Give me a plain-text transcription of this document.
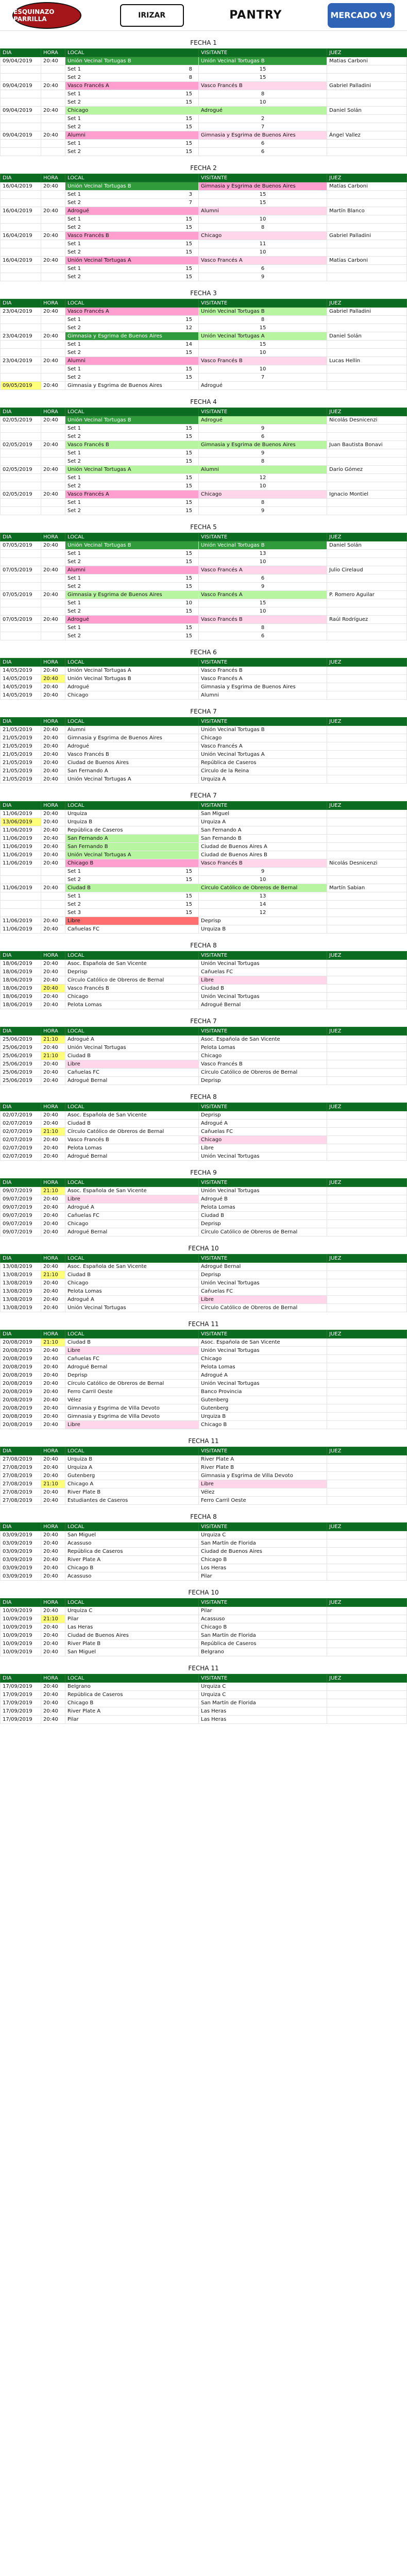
ESQUINAZO PARRILLA	IRIZAR	PANTRY	MERCADO V9
FECHA 1
DIA	HORA	LOCAL	VISITANTE	JUEZ
09/04/2019	20:40	Unión Vecinal Tortugas B	Unión Vecinal Tortugas B	Matias Carboni
		Set 1 8	15	
		Set 2 8	15	
09/04/2019	20:40	Vasco Francés A	Vasco Francés B	Gabriel Palladini
		Set 1 15	8	
		Set 2 15	10	
09/04/2019	20:40	Chicago	Adrogué	Daniel Solán
		Set 1 15	2	
		Set 2 15	7	
09/04/2019	20:40	Alumni	Gimnasia y Esgrima de Buenos Aires	Ángel Vallez
		Set 1 15	6	
		Set 2 15	6	
FECHA 2
DIA	HORA	LOCAL	VISITANTE	JUEZ
16/04/2019	20:40	Unión Vecinal Tortugas B	Gimnasia y Esgrima de Buenos Aires	Matías Carboni
		Set 1 3	15	
		Set 2 7	15	
16/04/2019	20:40	Adrogué	Alumni	Martín Blanco
		Set 1 15	10	
		Set 2 15	8	
16/04/2019	20:40	Vasco Francés B	Chicago	Gabriel Palladini
		Set 1 15	11	
		Set 2 15	10	
16/04/2019	20:40	Unión Vecinal Tortugas A	Vasco Francés A	Matías Carboni
		Set 1 15	6	
		Set 2 15	9	
FECHA 3
DIA	HORA	LOCAL	VISITANTE	JUEZ
23/04/2019	20:40	Vasco Francés A	Unión Vecinal Tortugas B	Gabriel Palladini
		Set 1 15	8	
		Set 2 12	15	
23/04/2019	20:40	Gimnasia y Esgrima de Buenos Aires	Unión Vecinal Tortugas A	Daniel Solán
		Set 1 14	15	
		Set 2 15	10	
23/04/2019	20:40	Alumni	Vasco Francés B	Lucas Hellin
		Set 1 15	10	
		Set 2 15	7	
09/05/2019	20:40	Gimnasia y Esgrima de Buenos Aires	Adrogué	
FECHA 4
DIA	HORA	LOCAL	VISITANTE	JUEZ
02/05/2019	20:40	Unión Vecinal Tortugas B	Adrogué	Nicolás Desnicenzi
		Set 1 15	9	
		Set 2 15	6	
02/05/2019	20:40	Vasco Francés B	Gimnasia y Esgrima de Buenos Aires	Juan Bautista Bonavi
		Set 1 15	9	
		Set 2 15	8	
02/05/2019	20:40	Unión Vecinal Tortugas A	Alumni	Darío Gómez
		Set 1 15	12	
		Set 2 15	10	
02/05/2019	20:40	Vasco Francés A	Chicago	Ignacio Montiel
		Set 1 15	8	
		Set 2 15	9	
FECHA 5
DIA	HORA	LOCAL	VISITANTE	JUEZ
07/05/2019	20:40	Unión Vecinal Tortugas B	Unión Vecinal Tortugas B	Daniel Solán
		Set 1 15	13	
		Set 2 15	10	
07/05/2019	20:40	Alumni	Vasco Francés A	Julio Cirelaud
		Set 1 15	6	
		Set 2 15	9	
07/05/2019	20:40	Gimnasia y Esgrima de Buenos Aires	Vasco Francés A	P. Romero Aguilar
		Set 1 10	15	
		Set 2 15	10	
07/05/2019	20:40	Adrogué	Vasco Francés B	Raúl Rodríguez
		Set 1 15	8	
		Set 2 15	6	
FECHA 6
DIA	HORA	LOCAL	VISITANTE	JUEZ
14/05/2019	20:40	Unión Vecinal Tortugas A	Vasco Francés B	
14/05/2019	20:40	Unión Vecinal Tortugas B	Vasco Francés A	
14/05/2019	20:40	Adrogué	Gimnasia y Esgrima de Buenos Aires	
14/05/2019	20:40	Chicago	Alumni	
FECHA 7
DIA	HORA	LOCAL	VISITANTE	JUEZ
21/05/2019	20:40	Alumni	Unión Vecinal Tortugas B	
21/05/2019	20:40	Gimnasia y Esgrima de Buenos Aires	Chicago	
21/05/2019	20:40	Adrogué	Vasco Francés A	
21/05/2019	20:40	Vasco Francés B	Unión Vecinal Tortugas A	
21/05/2019	20:40	Ciudad de Buenos Aires	República de Caseros	
21/05/2019	20:40	San Fernando A	Circulo de la Reina	
21/05/2019	20:40	Unión Vecinal Tortugas A	Urquiza A	
FECHA 7
DIA	HORA	LOCAL	VISITANTE	JUEZ
11/06/2019	20:40	Urquiza	San Miguel	
13/06/2019	20:40	Urquiza B	Urquiza A	
11/06/2019	20:40	República de Caseros	San Fernando A	
11/06/2019	20:40	San Fernando A	San Fernando B	
11/06/2019	20:40	San Fernando B	Ciudad de Buenos Aires A	
11/06/2019	20:40	Unión Vecinal Tortugas A	Ciudad de Buenos Aires B	
11/06/2019	20:40	Chicago B	Vasco Francés B	Nicolás Desnicenzi
		Set 1 15	9	
		Set 2 15	10	
11/06/2019	20:40	Ciudad B	Circulo Católico de Obreros de Bernal	Martín Sabian
		Set 1 15	13	
		Set 2 15	14	
		Set 3 15	12	
11/06/2019	20:40	Libre	Deprisp	
11/06/2019	20:40	Cañuelas FC	Urquiza B	
FECHA 8
DIA	HORA	LOCAL	VISITANTE	JUEZ
18/06/2019	20:40	Asoc. Española de San Vicente	Unión Vecinal Tortugas	
18/06/2019	20:40	Deprisp	Cañuelas FC	
18/06/2019	20:40	Círculo Católico de Obreros de Bernal	Libre	
18/06/2019	20:40	Vasco Francés B	Ciudad B	
18/06/2019	20:40	Chicago	Unión Vecinal Tortugas	
18/06/2019	20:40	Pelota Lomas	Adrogué Bernal	
FECHA 7
DIA	HORA	LOCAL	VISITANTE	JUEZ
25/06/2019	21:10	Adrogué A	Asoc. Española de San Vicente	
25/06/2019	20:40	Unión Vecinal Tortugas	Pelota Lomas	
25/06/2019	21:10	Ciudad B	Chicago	
25/06/2019	20:40	Libre	Vasco Francés B	
25/06/2019	20:40	Cañuelas FC	Círculo Católico de Obreros de Bernal	
25/06/2019	20:40	Adrogué Bernal	Deprisp	
FECHA 8
DIA	HORA	LOCAL	VISITANTE	JUEZ
02/07/2019	20:40	Asoc. Española de San Vicente	Deprisp	
02/07/2019	20:40	Ciudad B	Adrogué A	
02/07/2019	21:10	Círculo Católico de Obreros de Bernal	Cañuelas FC	
02/07/2019	20:40	Vasco Francés B	Chicago	
02/07/2019	20:40	Pelota Lomas	Libre	
02/07/2019	20:40	Adrogué Bernal	Unión Vecinal Tortugas	
FECHA 9
DIA	HORA	LOCAL	VISITANTE	JUEZ
09/07/2019	21:10	Asoc. Española de San Vicente	Unión Vecinal Tortugas	
09/07/2019	20:40	Libre	Adrogué B	
09/07/2019	20:40	Adrogué A	Pelota Lomas	
09/07/2019	20:40	Cañuelas FC	Ciudad B	
09/07/2019	20:40	Chicago	Deprisp	
09/07/2019	20:40	Adrogué Bernal	Círculo Católico de Obreros de Bernal	
FECHA 10
DIA	HORA	LOCAL	VISITANTE	JUEZ
13/08/2019	20:40	Asoc. Española de San Vicente	Adrogué Bernal	
13/08/2019	21:10	Ciudad B	Deprisp	
13/08/2019	20:40	Chicago	Unión Vecinal Tortugas	
13/08/2019	20:40	Pelota Lomas	Cañuelas FC	
13/08/2019	20:40	Adrogué A	Libre	
13/08/2019	20:40	Unión Vecinal Tortugas	Círculo Católico de Obreros de Bernal	
FECHA 11
DIA	HORA	LOCAL	VISITANTE	JUEZ
20/08/2019	21:10	Ciudad B	Asoc. Española de San Vicente	
20/08/2019	20:40	Libre	Unión Vecinal Tortugas	
20/08/2019	20:40	Cañuelas FC	Chicago	
20/08/2019	20:40	Adrogué Bernal	Pelota Lomas	
20/08/2019	20:40	Deprisp	Adrogué A	
20/08/2019	20:40	Círculo Católico de Obreros de Bernal	Unión Vecinal Tortugas	
20/08/2019	20:40	Ferro Carril Oeste	Banco Provincia	
20/08/2019	20:40	Vélez	Gutenberg	
20/08/2019	20:40	Gimnasia y Esgrima de Villa Devoto	Gutenberg	
20/08/2019	20:40	Gimnasia y Esgrima de Villa Devoto	Urquiza B	
20/08/2019	20:40	Libre	Chicago B	
FECHA 11
DIA	HORA	LOCAL	VISITANTE	JUEZ
27/08/2019	20:40	Urquiza B	River Plate A	
27/08/2019	20:40	Urquiza A	River Plate B	
27/08/2019	20:40	Gutenberg	Gimnasia y Esgrima de Villa Devoto	
27/08/2019	21:10	Chicago A	Libre	
27/08/2019	20:40	River Plate B	Vélez	
27/08/2019	20:40	Estudiantes de Caseros	Ferro Carril Oeste	
FECHA 8
DIA	HORA	LOCAL	VISITANTE	JUEZ
03/09/2019	20:40	San Miguel	Urquiza C	
03/09/2019	20:40	Acassuso	San Martín de Florida	
03/09/2019	20:40	República de Caseros	Ciudad de Buenos Aires	
03/09/2019	20:40	River Plate A	Chicago B	
03/09/2019	20:40	Chicago B	Los Heras	
03/09/2019	20:40	Acassuso	Pilar	
FECHA 10
DIA	HORA	LOCAL	VISITANTE	JUEZ
10/09/2019	20:40	Urquiza C	Pilar	
10/09/2019	21:10	Pilar	Acassuso	
10/09/2019	20:40	Las Heras	Chicago B	
10/09/2019	20:40	Ciudad de Buenos Aires	San Martín de Florida	
10/09/2019	20:40	River Plate B	República de Caseros	
10/09/2019	20:40	San Miguel	Belgrano	
FECHA 11
DIA	HORA	LOCAL	VISITANTE	JUEZ
17/09/2019	20:40	Belgrano	Urquiza C	
17/09/2019	20:40	República de Caseros	Urquiza C	
17/09/2019	20:40	Chicago B	San Martín de Florida	
17/09/2019	20:40	River Plate A	Las Heras	
17/09/2019	20:40	Pilar	Las Heras	
